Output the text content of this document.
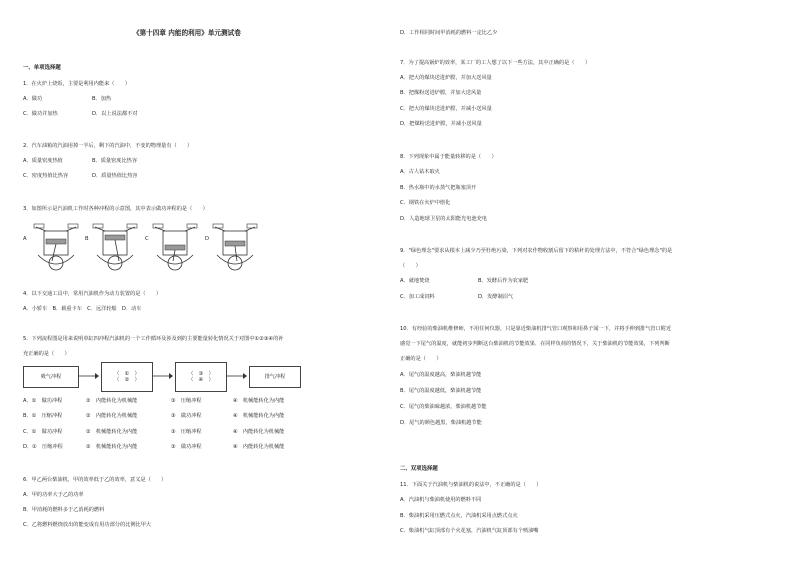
《第十四章 内能的利用》单元测试卷
一、单项选择题
1．在火炉上烧饭，主要是利用内能来（　　）
A．做功	B．加热
C．做功并加热	D．以上说法都不对
2．汽车油箱的汽油用掉一半后，剩下的汽油中，不变的物理量有（　　）
A．质量密度热值	B．质量密度比热容
C．密度热值比热容	D．质量热值比热容
3．如图所示是汽油机工作时各种冲程的示意图，其中表示做功冲程的是（　　）
A	B	C	D
4．以下交通工具中，常用汽油机作为动力装置的是（　　）
A．小轿车　B．载重卡车　C．远洋轮船　D．动车
5．下列流程图是用来说明单缸四冲程汽油机的一个工作循环及涉及到的主要能量转化情况关于对图中①②③④的补
充正确的是（　　）
吸气冲程
（　①　）
（　②　）
（　③　）
（　④　）
排气冲程
A．①　做功冲程	②　内能转化为机械能	③　压缩冲程	④　机械能转化为内能
B．①　压缩冲程	②　内能转化为机械能	③　做功冲程	④　机械能转化为内能
C．①　做功冲程	②　机械能转化为内能	③　压缩冲程	④　内能转化为机械能
D．①　压缩冲程	②　机械能转化为内能	③　做功冲程	④　内能转化为机械能
6．甲乙两台柴油机，甲的效率低于乙的效率，意义是（　　）
A．甲的功率大于乙的功率
B．甲消耗的燃料多于乙消耗的燃料
C．乙将燃料燃烧放出的能变成有用功部分的比例比甲大
D．工作相同时间甲消耗的燃料一定比乙少
7．为了提高锅炉的效率，某工厂的工人想了以下一些方法，其中正确的是（　　）
A．把大的煤块送进炉膛，并加大送风量
B．把煤粉送进炉膛，并加大送风量
C．把大的煤块送进炉膛，并减小送风量
D．把煤粉送进炉膛，并减小送风量
8．下列现象中属于能量转移的是（　　）
A．古人钻木取火
B．热水瓶中的水蒸气把瓶塞顶开
C．钢铁在火炉中熔化
D．人造地球卫星的太阳能光电池充电
9．"绿色理念"要求从根本上减少乃至杜绝污染，下列对农作物收割后留下的秸秆的处理方法中，不符合"绿色理念"的是
（　　）
A．就地焚烧	B．发酵后作为农家肥
C．加工成饲料	D．发酵制沼气
10．有经验的柴油机维修师，不用任何仪器，只是靠近柴油机排气管口观察和用鼻子闻一下，并将手伸到排气管口附近
感觉一下尾气的温度，就能初步判断这台柴油机的节能效果．在同样负荷的情况下，关于柴油机的节能效果，下列判断
正确的是（　　）
A．尾气的温度越高，柴油机越节能
B．尾气的温度越低，柴油机越节能
C．尾气的柴油味越浓，柴油机越节能
D．尾气的颜色越黑，柴油机越节能
二、双项选择题
11．下面关于汽油机与柴油机的说法中，不正确的是（　　）
A．汽油机与柴油机使用的燃料不同
B．柴油机采用压燃式点火，汽油机采用点燃式点火
C．柴油机气缸顶部有个火花塞，汽油机气缸顶部有个喷油嘴
